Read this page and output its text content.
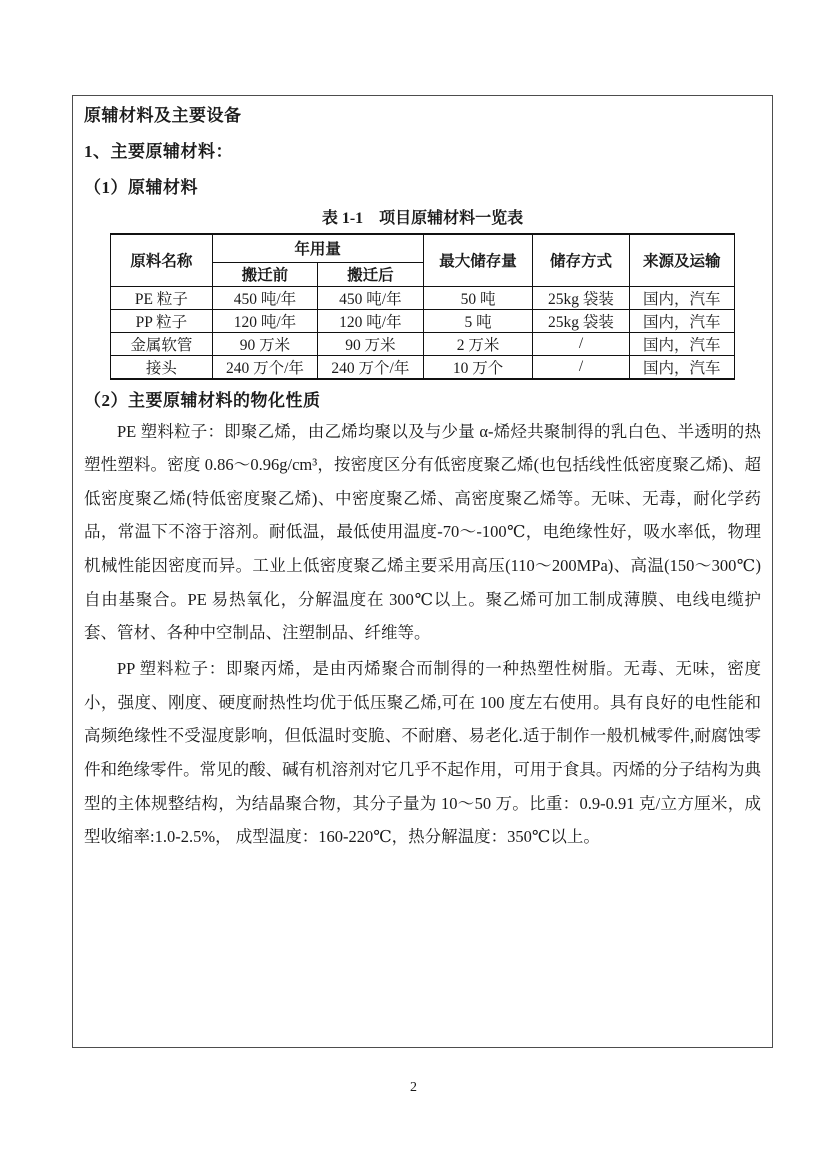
原辅材料及主要设备
1、主要原辅材料：
（1）原辅材料
表 1-1　项目原辅材料一览表
原料名称	年用量		最大储存量	储存方式	来源及运输
	搬迁前	搬迁后			
PE 粒子	450 吨/年	450 吨/年	50 吨	25kg 袋装	国内，汽车
PP 粒子	120 吨/年	120 吨/年	5 吨	25kg 袋装	国内，汽车
金属软管	90 万米	90 万米	2 万米	/	国内，汽车
接头	240 万个/年	240 万个/年	10 万个	/	国内，汽车
（2）主要原辅材料的物化性质

PE 塑料粒子：即聚乙烯，由乙烯均聚以及与少量 α-烯烃共聚制得的乳白色、半透明的热塑性塑料。密度 0.86～0.96g/cm³，按密度区分有低密度聚乙烯(也包括线性低密度聚乙烯)、超低密度聚乙烯(特低密度聚乙烯)、中密度聚乙烯、高密度聚乙烯等。无味、无毒，耐化学药品，常温下不溶于溶剂。耐低温，最低使用温度-70～-100℃，电绝缘性好，吸水率低，物理机械性能因密度而异。工业上低密度聚乙烯主要采用高压(110～200MPa)、高温(150～300℃)自由基聚合。PE 易热氧化，分解温度在 300℃以上。聚乙烯可加工制成薄膜、电线电缆护套、管材、各种中空制品、注塑制品、纤维等。

PP 塑料粒子：即聚丙烯，是由丙烯聚合而制得的一种热塑性树脂。无毒、无味，密度小，强度、刚度、硬度耐热性均优于低压聚乙烯,可在 100 度左右使用。具有良好的电性能和高频绝缘性不受湿度影响，但低温时变脆、不耐磨、易老化.适于制作一般机械零件,耐腐蚀零件和绝缘零件。常见的酸、碱有机溶剂对它几乎不起作用，可用于食具。丙烯的分子结构为典型的主体规整结构，为结晶聚合物，其分子量为 10～50 万。比重：0.9-0.91 克/立方厘米，成型收缩率:1.0-2.5%， 成型温度：160-220℃，热分解温度：350℃以上。

2
